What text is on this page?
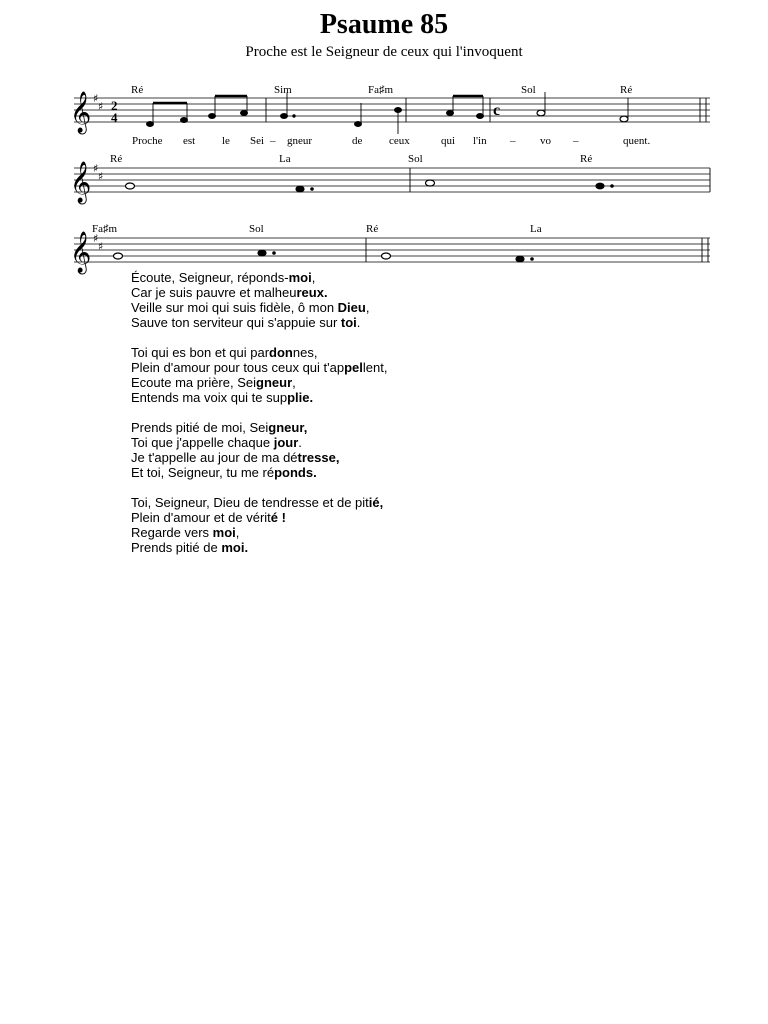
Psaume 85
Proche est le Seigneur de ceux qui l'invoquent
𝄞
𝄞
𝄞
♯
♯
♯
♯
♯
♯
2
4	c
Ré	Sim	Fa♯m	Sol	Ré
Proche est le Sei – gneur	de ceux	qui l'in – vo –	quent.
Ré	La	Sol	Ré
Fa♯m	Sol	Ré	La
Écoute, Seigneur, réponds-moi,
Car je suis pauvre et malheureux.
Veille sur moi qui suis fidèle, ô mon Dieu,
Sauve ton serviteur qui s'appuie sur toi.
Toi qui es bon et qui pardonnes,
Plein d'amour pour tous ceux qui t'appellent,
Ecoute ma prière, Seigneur,
Entends ma voix qui te supplie.
Prends pitié de moi, Seigneur,
Toi que j'appelle chaque jour.
Je t'appelle au jour de ma détresse,
Et toi, Seigneur, tu me réponds.
Toi, Seigneur, Dieu de tendresse et de pitié,
Plein d'amour et de vérité !
Regarde vers moi,
Prends pitié de moi.
